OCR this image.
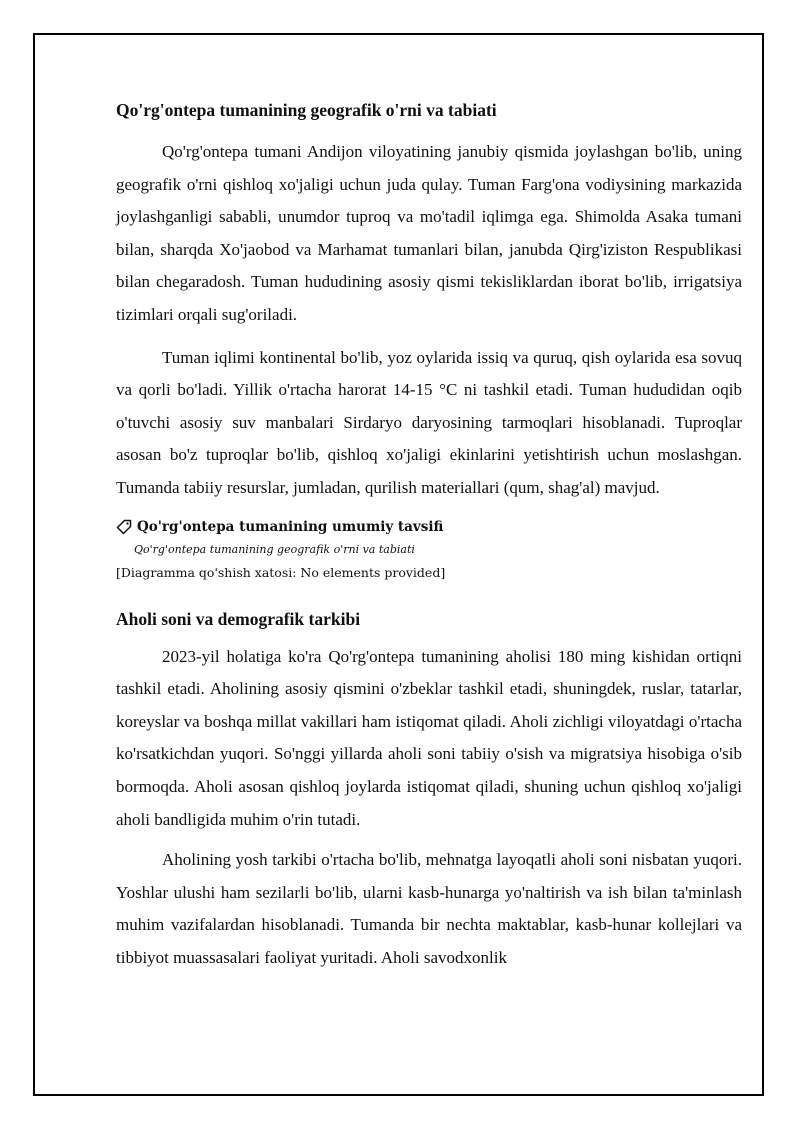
Qo'rg'ontepa tumanining geografik o'rni va tabiati

Qo'rg'ontepa tumani Andijon viloyatining janubiy qismida joylashgan bo'lib, uning geografik o'rni qishloq xo'jaligi uchun juda qulay. Tuman Farg'ona vodiysining markazida joylashganligi sababli, unumdor tuproq va mo'tadil iqlimga ega. Shimolda Asaka tumani bilan, sharqda Xo'jaobod va Marhamat tumanlari bilan, janubda Qirg'iziston Respublikasi bilan chegaradosh. Tuman hududining asosiy qismi tekisliklardan iborat bo'lib, irrigatsiya tizimlari orqali sug'oriladi.

Tuman iqlimi kontinental bo'lib, yoz oylarida issiq va quruq, qish oylarida esa sovuq va qorli bo'ladi. Yillik o'rtacha harorat 14-15 °C ni tashkil etadi. Tuman hududidan oqib o'tuvchi asosiy suv manbalari Sirdaryo daryosining tarmoqlari hisoblanadi. Tuproqlar asosan bo'z tuproqlar bo'lib, qishloq xo'jaligi ekinlarini yetishtirish uchun moslashgan. Tumanda tabiiy resurslar, jumladan, qurilish materiallari (qum, shag'al) mavjud.

Qo'rg'ontepa tumanining umumiy tavsifi
Qo'rg'ontepa tumanining geografik o'rni va tabiati
[Diagramma qo'shish xatosi: No elements provided]
Aholi soni va demografik tarkibi

2023-yil holatiga ko'ra Qo'rg'ontepa tumanining aholisi 180 ming kishidan ortiqni tashkil etadi. Aholining asosiy qismini o'zbeklar tashkil etadi, shuningdek, ruslar, tatarlar, koreyslar va boshqa millat vakillari ham istiqomat qiladi. Aholi zichligi viloyatdagi o'rtacha ko'rsatkichdan yuqori. So'nggi yillarda aholi soni tabiiy o'sish va migratsiya hisobiga o'sib bormoqda. Aholi asosan qishloq joylarda istiqomat qiladi, shuning uchun qishloq xo'jaligi aholi bandligida muhim o'rin tutadi.

Aholining yosh tarkibi o'rtacha bo'lib, mehnatga layoqatli aholi soni nisbatan yuqori. Yoshlar ulushi ham sezilarli bo'lib, ularni kasb-hunarga yo'naltirish va ish bilan ta'minlash muhim vazifalardan hisoblanadi. Tumanda bir nechta maktablar, kasb-hunar kollejlari va tibbiyot muassasalari faoliyat yuritadi. Aholi savodxonlik
